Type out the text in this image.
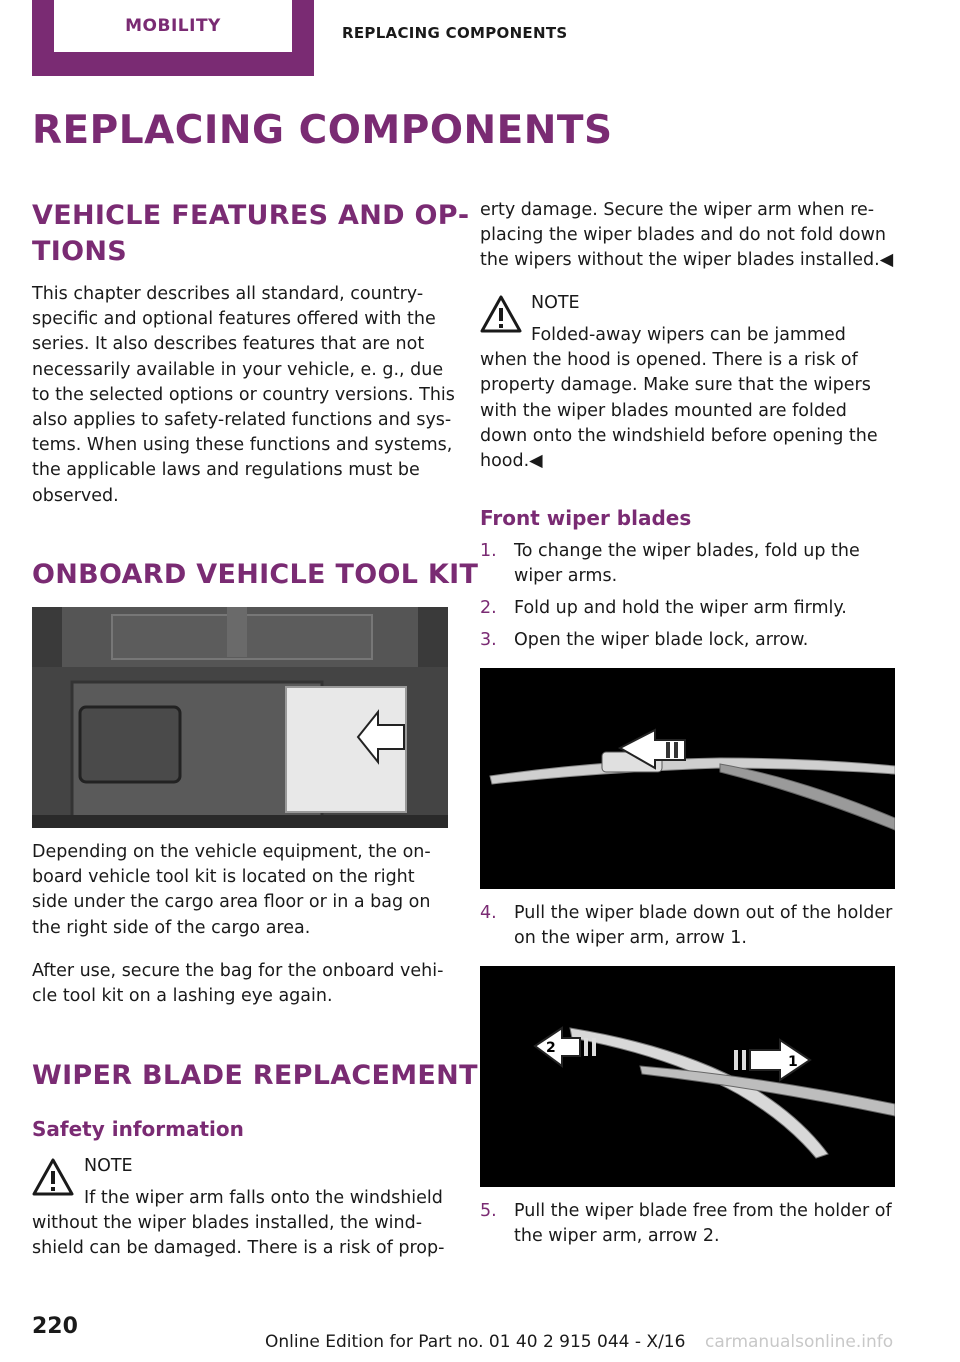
MOBILITY	REPLACING COMPONENTS
REPLACING COMPONENTS
VEHICLE FEATURES AND OP‐
TIONS
This chapter describes all standard, country-
specific and optional features offered with the
series. It also describes features that are not
necessarily available in your vehicle, e. g., due
to the selected options or country versions. This
also applies to safety-related functions and sys‐
tems. When using these functions and systems,
the applicable laws and regulations must be
observed.
ONBOARD VEHICLE TOOL KIT
Depending on the vehicle equipment, the on‐
board vehicle tool kit is located on the right
side under the cargo area floor or in a bag on
the right side of the cargo area.
After use, secure the bag for the onboard vehi‐
cle tool kit on a lashing eye again.
WIPER BLADE REPLACEMENT
Safety information
NOTE
If the wiper arm falls onto the windshield
without the wiper blades installed, the wind‐
shield can be damaged. There is a risk of prop‐
erty damage. Secure the wiper arm when re‐
placing the wiper blades and do not fold down
the wipers without the wiper blades installed.◀
NOTE
Folded-away wipers can be jammed
when the hood is opened. There is a risk of
property damage. Make sure that the wipers
with the wiper blades mounted are folded
down onto the windshield before opening the
hood.◀
Front wiper blades
1. To change the wiper blades, fold up the
wiper arms.
2. Fold up and hold the wiper arm firmly.
3. Open the wiper blade lock, arrow.
4. Pull the wiper blade down out of the holder
on the wiper arm, arrow 1.
2
1
5. Pull the wiper blade free from the holder of
the wiper arm, arrow 2.
220
Online Edition for Part no. 01 40 2 915 044 - X/16 carmanualsonline.info
